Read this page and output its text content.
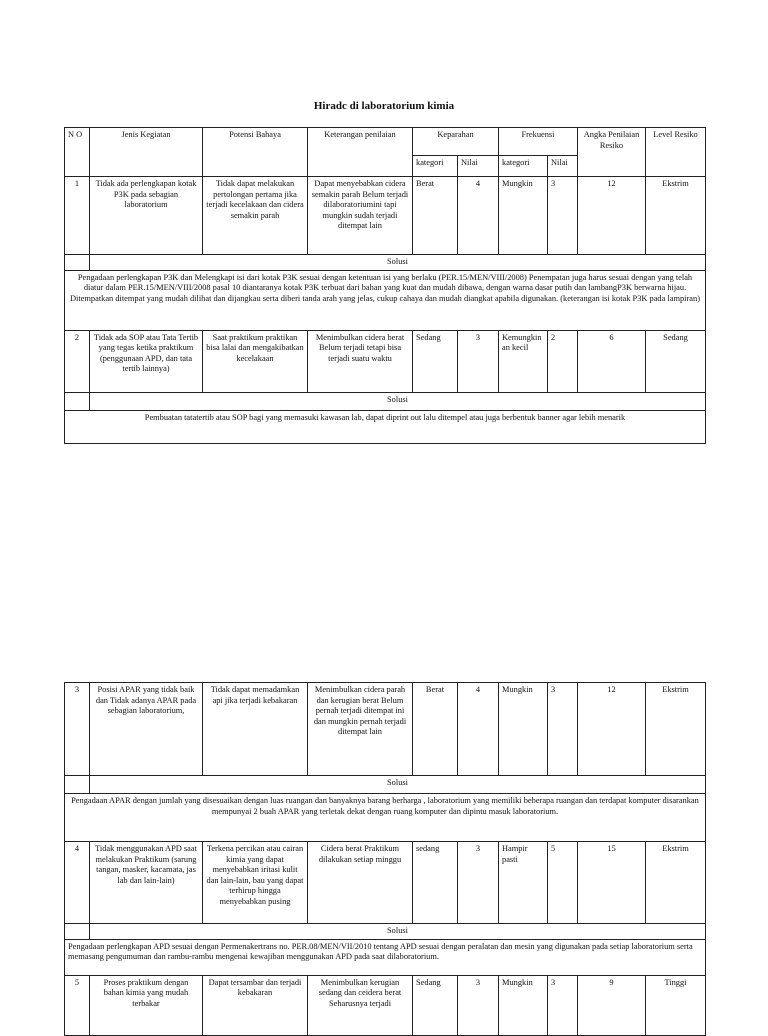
Hiradc di laboratorium kimia
N O	Jenis Kegiatan	Potensi Bahaya	Keterangan penilaian	Keparahan		Frekuensi		Angka Penilaian Resiko	Level Resiko
				kategori	Nilai	kategori	Nilai		
1	Tidak ada perlengkapan kotak P3K pada sebagian laboratorium	Tidak dapat melakukan pertolongan pertama jika terjadi kecelakaan dan cidera semakin parah	Dapat menyebabkan cidera semakin parah Belum terjadi dilaboratoriumini tapi mungkin sudah terjadi ditempat lain	Berat	4	Mungkin	3	12	Ekstrim
	Solusi								
Pengadaan perlengkapan P3K dan Melengkapi isi dari kotak P3K sesuai dengan ketentuan isi yang berlaku (PER.15/MEN/VIII/2008) Penempatan juga harus sesuai dengan yang telah diatur dalam PER.15/MEN/VIII/2008 pasal 10 diantaranya kotak P3K terbuat dari bahan yang kuat dan mudah dibawa, dengan warna dasar putih dan lambangP3K berwarna hijau. Ditempatkan ditempat yang mudah dilihat dan dijangkau serta diberi tanda arah yang jelas, cukup cahaya dan mudah diangkat apabila digunakan. (keterangan isi kotak P3K pada lampiran)									
2	Tidak ada SOP atau Tata Tertib yang tegas ketika praktikum (penggunaan APD, dan tata tertib lainnya)	Saat praktikum praktikan bisa lalai dan mengakibatkan kecelakaan	Menimbulkan cidera berat Belum terjadi tetapi bisa terjadi suatu waktu	Sedang	3	Kemungkinan kecil	2	6	Sedang
	Solusi								
Pembuatan tatatertib atau SOP bagi yang memasuki kawasan lab, dapat diprint out lalu ditempel atau juga berbentuk banner agar lebih menarik									
3	Posisi APAR yang tidak baik dan Tidak adanya APAR pada sebagian laboratorium,	Tidak dapat memadamkan api jika terjadi kebakaran	Menimbulkan cidera parah dan kerugian berat Belum pernah terjadi ditempat ini dan mungkin pernah terjadi ditempat lain	Berat	4	Mungkin	3	12	Ekstrim
	Solusi								
Pengadaan APAR dengan jumlah yang disesuaikan dengan luas ruangan dan banyaknya barang berharga , laboratorium yang memiliki beberapa ruangan dan terdapat komputer disarankan mempunyai 2 buah APAR yang terletak dekat dengan ruang komputer dan dipintu masuk laboratorium.									
4	Tidak menggunakan APD saat melakukan Praktikum (sarung tangan, masker, kacamata, jas lab dan lain-lain)	Terkena percikan atau cairan kimia yang dapat menyebabkan iritasi kulit dan lain-lain, bau yang dapat terhirup hingga menyebabkan pusing	Cidera berat Praktikum dilakukan setiap minggu	sedang	3	Hampir pasti	5	15	Ekstrim
	Solusi								
Pengadaan perlengkapan APD sesuai dengan Permenakertrans no. PER.08/MEN/VII/2010 tentang APD sesuai dengan peralatan dan mesin yang digunakan pada setiap laboratorium serta memasang pengumuman dan rambu-rambu mengenai kewajiban menggunakan APD pada saat dilaboratorium.									
5	Proses praktikum dengan bahan kimia yang mudah terbakar	Dapat tersambar dan terjadi kebakaran	Menimbulkan kerugian sedang dan ceidera berat Seharusnya terjadi	Sedang	3	Mungkin	3	9	Tinggi
